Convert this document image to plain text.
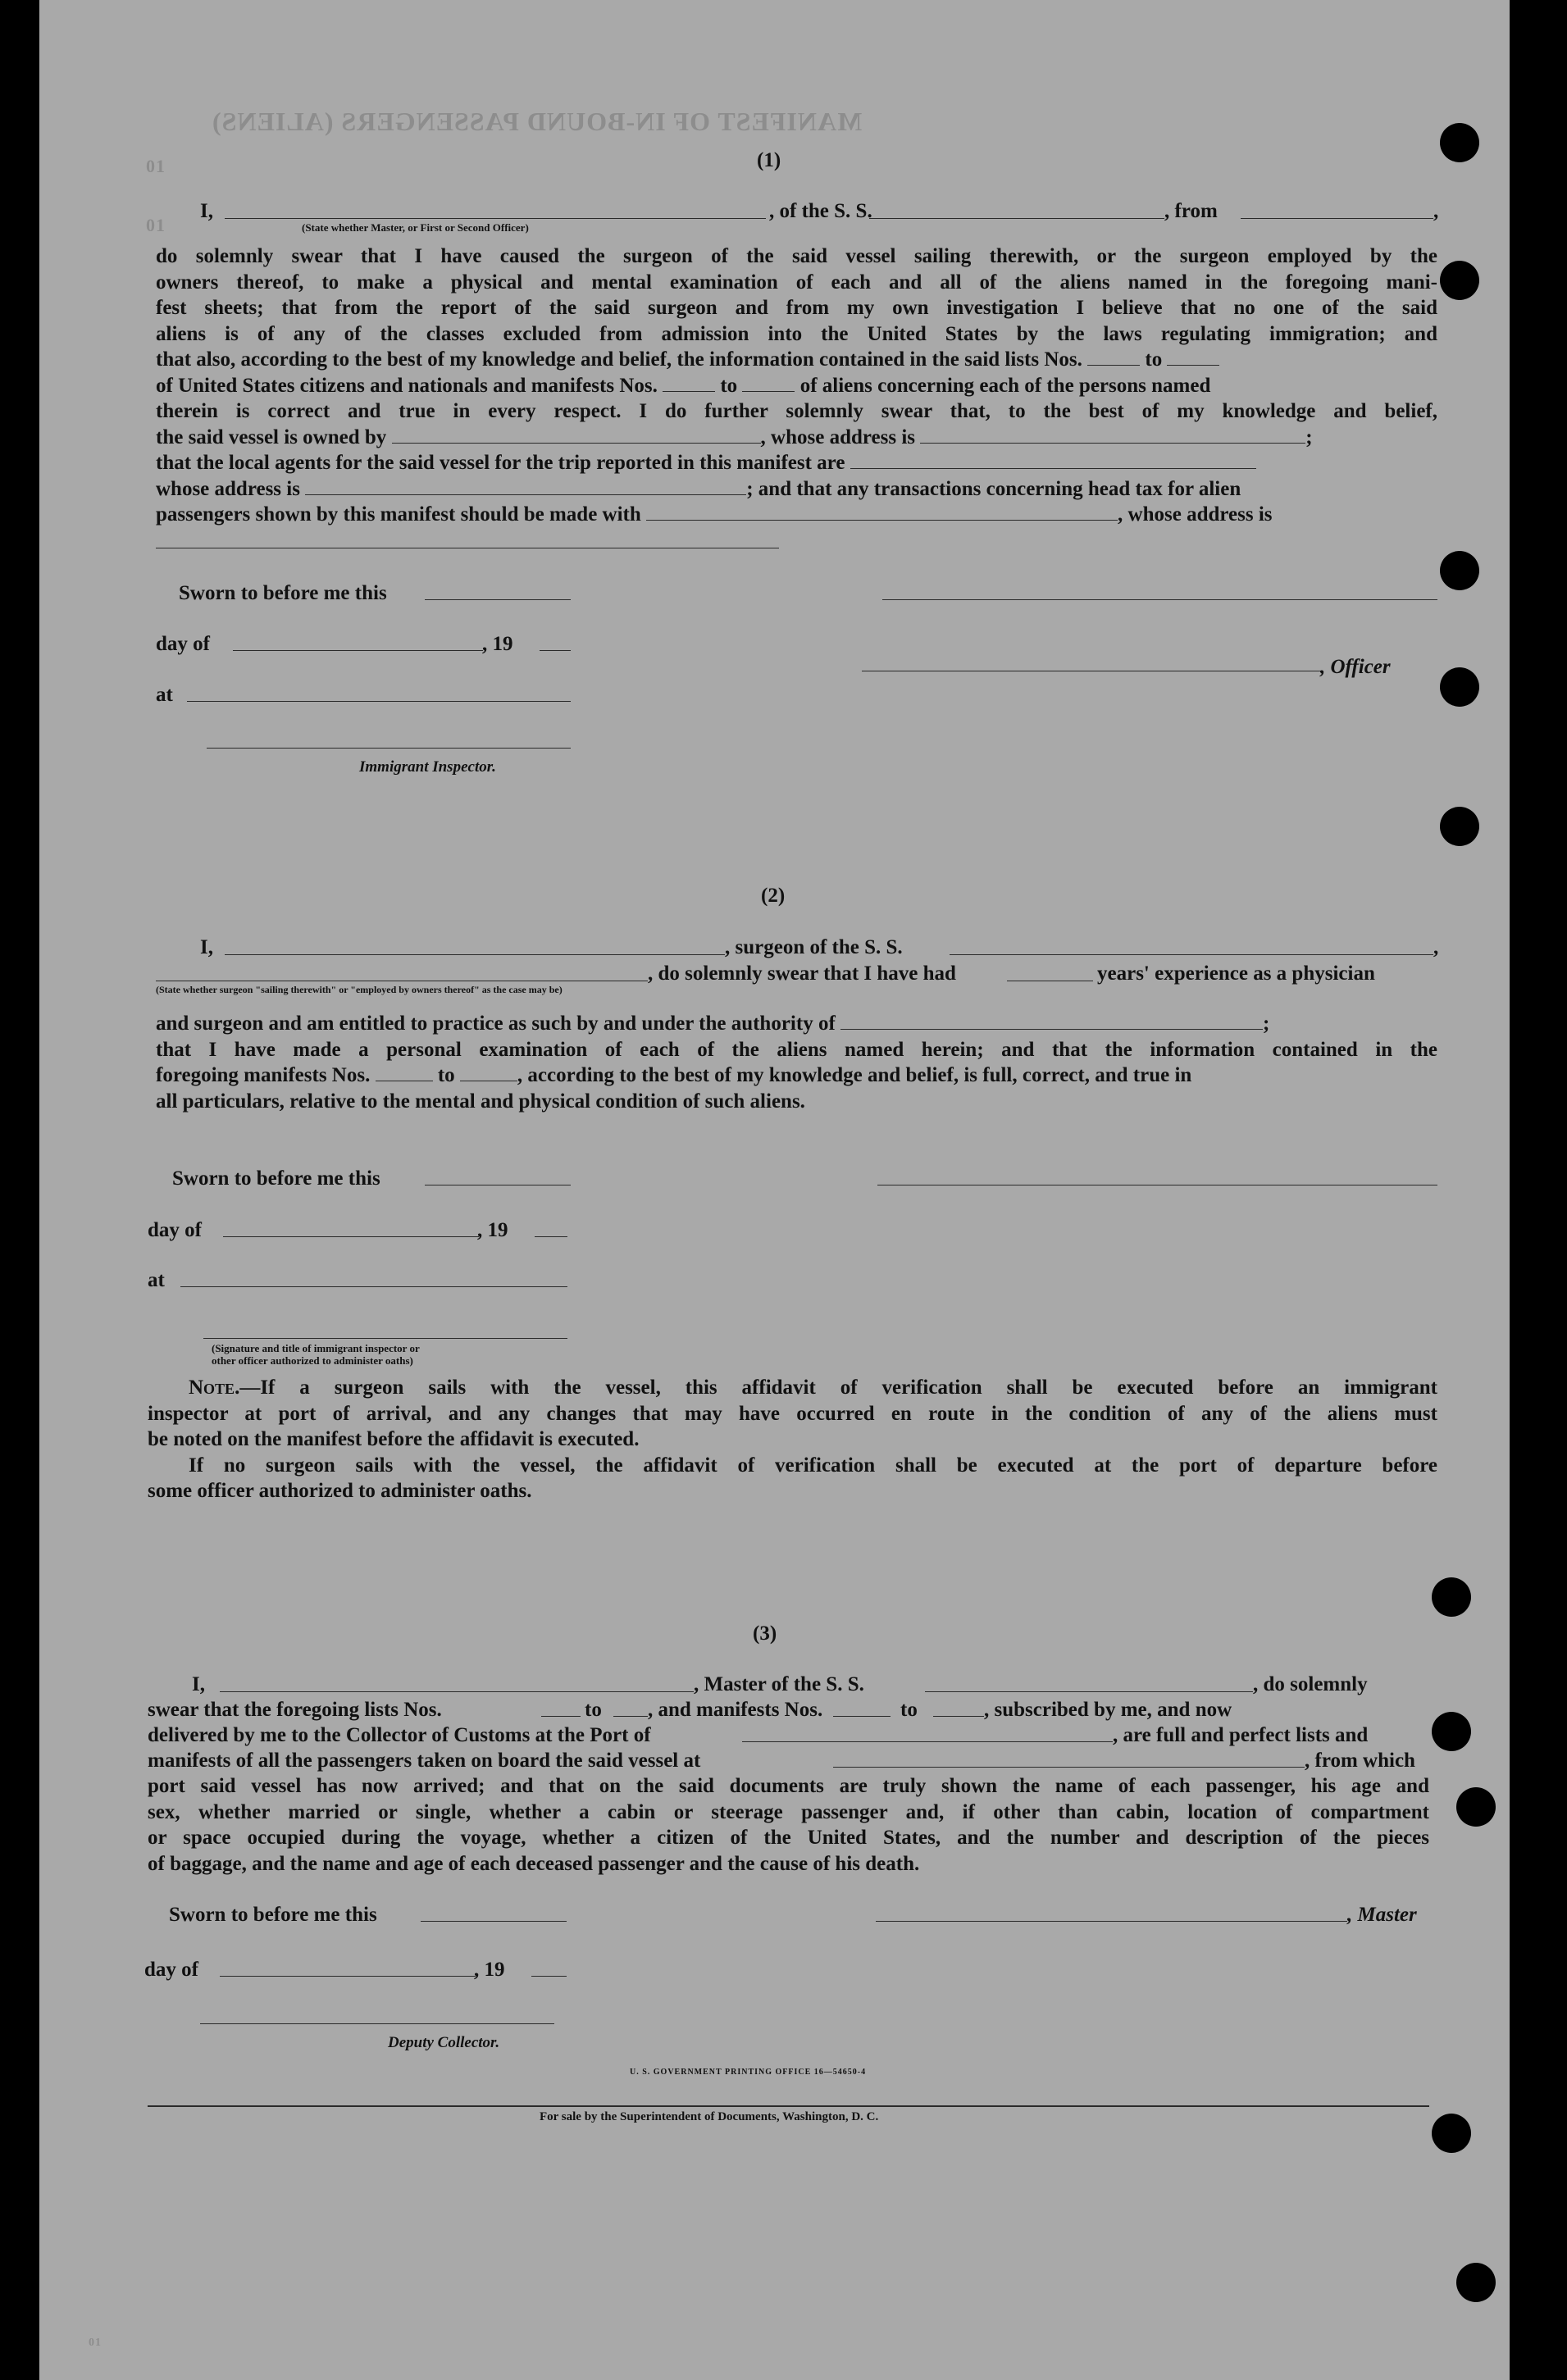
MANIFEST OF IN-BOUND PASSENGERS (ALIENS)
01
01
01
(1)
I,
(State whether Master, or First or Second Officer)
, of the S. S.	, from	,
do solemnly swear that I have caused the surgeon of the said vessel sailing therewith, or the surgeon employed by the
owners thereof, to make a physical and mental examination of each and all of the aliens named in the foregoing mani-
fest sheets; that from the report of the said surgeon and from my own investigation I believe that no one of the said
aliens is of any of the classes excluded from admission into the United States by the laws regulating immigration; and
that also, according to the best of my knowledge and belief, the information contained in the said lists Nos.	to
of United States citizens and nationals and manifests Nos.	to	of aliens concerning each of the persons named
therein is correct and true in every respect. I do further solemnly swear that, to the best of my knowledge and belief,
the said vessel is owned by	, whose address is	;
that the local agents for the said vessel for the trip reported in this manifest are
whose address is	; and that any transactions concerning head tax for alien
passengers shown by this manifest should be made with	, whose address is
Sworn to before me this
day of	, 19
, Officer
at
Immigrant Inspector.
(2)
I,	, surgeon of the S. S.	,
, do solemnly swear that I have had	years' experience as a physician
(State whether surgeon "sailing therewith" or "employed by owners thereof" as the case may be)
and surgeon and am entitled to practice as such by and under the authority of	;
that I have made a personal examination of each of the aliens named herein; and that the information contained in the
foregoing manifests Nos.	to	, according to the best of my knowledge and belief, is full, correct, and true in
all particulars, relative to the mental and physical condition of such aliens.
Sworn to before me this
day of	, 19
at
(Signature and title of immigrant inspector or
other officer authorized to administer oaths)
Note.—If a surgeon sails with the vessel, this affidavit of verification shall be executed before an immigrant
inspector at port of arrival, and any changes that may have occurred en route in the condition of any of the aliens must
be noted on the manifest before the affidavit is executed.
If no surgeon sails with the vessel, the affidavit of verification shall be executed at the port of departure before
some officer authorized to administer oaths.
(3)
I,	, Master of the S. S.	, do solemnly
swear that the foregoing lists Nos.	to , and manifests Nos.	to	, subscribed by me, and now
delivered by me to the Collector of Customs at the Port of	, are full and perfect lists and
manifests of all the passengers taken on board the said vessel at	, from which
port said vessel has now arrived; and that on the said documents are truly shown the name of each passenger, his age and
sex, whether married or single, whether a cabin or steerage passenger and, if other than cabin, location of compartment
or space occupied during the voyage, whether a citizen of the United States, and the number and description of the pieces
of baggage, and the name and age of each deceased passenger and the cause of his death.
Sworn to before me this	, Master
day of	, 19
Deputy Collector.
U. S. GOVERNMENT PRINTING OFFICE 16—54650-4
For sale by the Superintendent of Documents, Washington, D. C.
